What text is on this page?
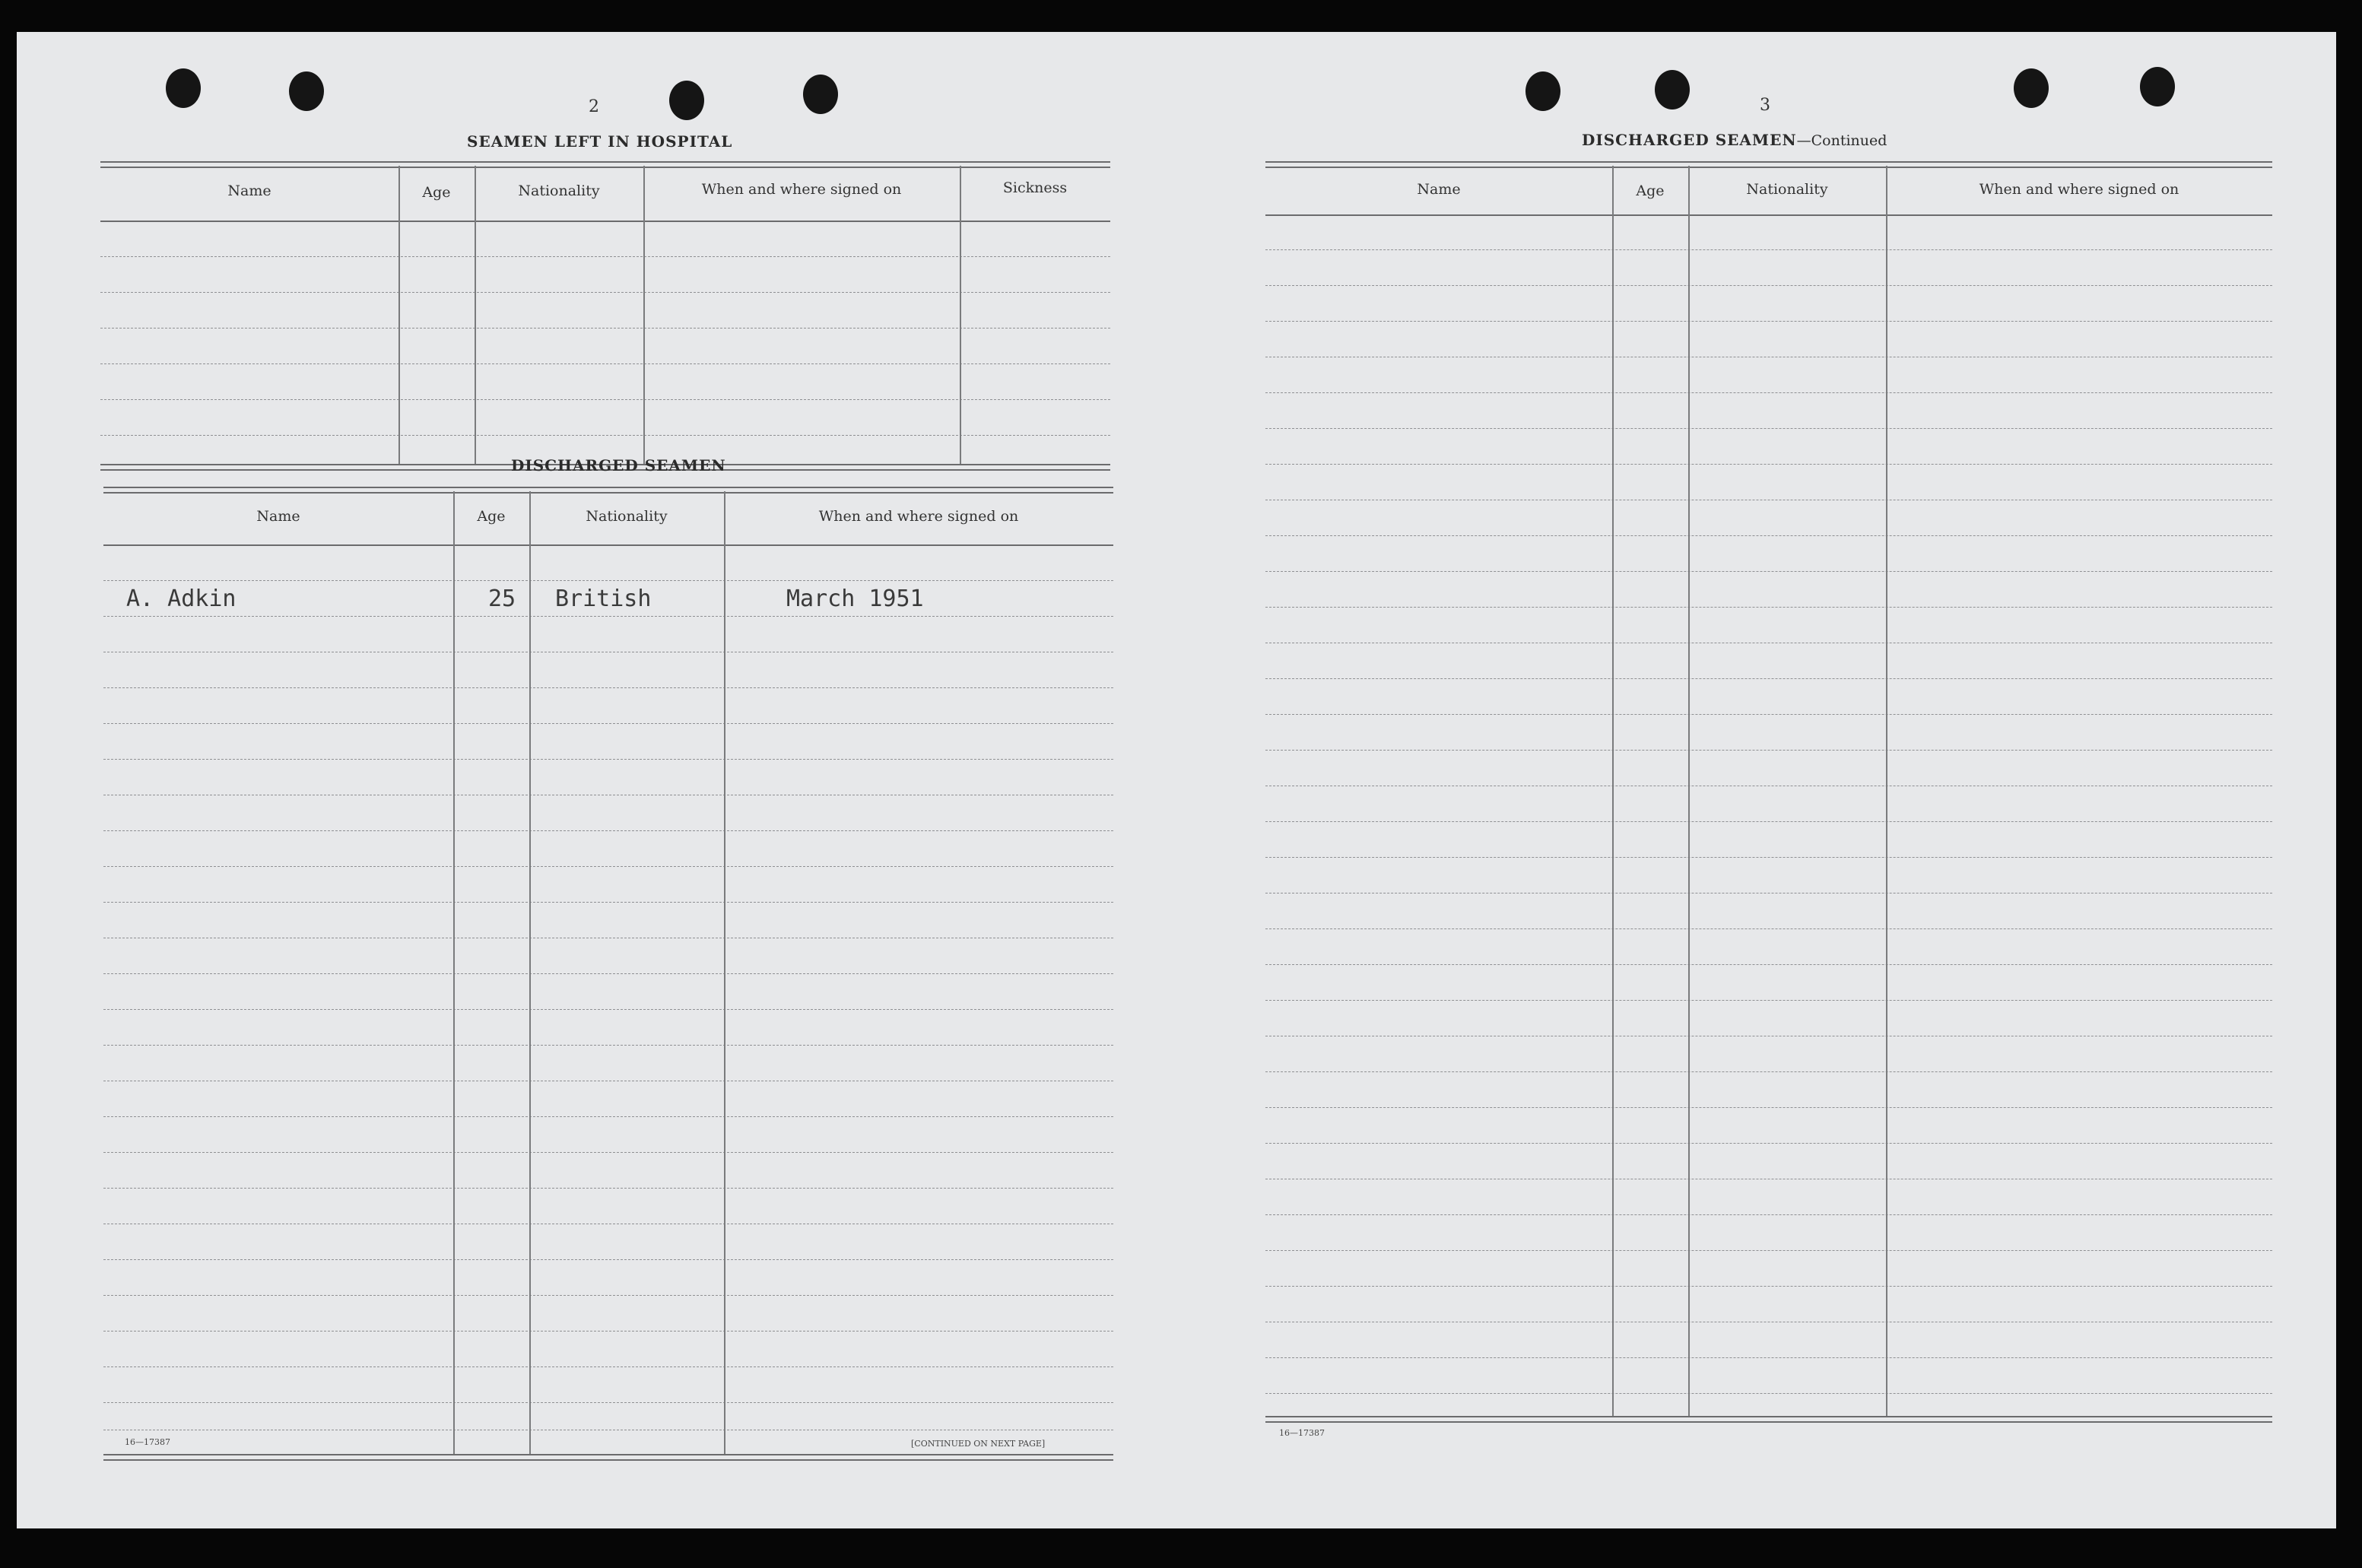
2
SEAMEN LEFT IN HOSPITAL
Name	Age	Nationality	When and where signed on	Sickness
DISCHARGED SEAMEN
Name	Age	Nationality	When and where signed on
A. Adkin	25 British	March 1951
16—17387	[CONTINUED ON NEXT PAGE]
3
DISCHARGED SEAMEN—Continued
Name	Age	Nationality	When and where signed on
16—17387
